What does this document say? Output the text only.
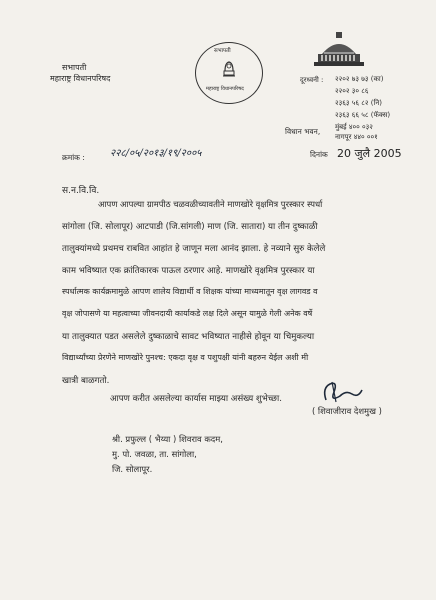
सभापती
महाराष्ट्र विधानपरिषद
सभापती
महाराष्ट्र विधानपरिषद
दूरध्वनी : २२०२ ७३ ७३ (का)
२२०२ ३० ८६
२३६३ ५६ ८२ (नि)
२३६३ ६६ ५८ (फॅक्स)
मुंबई ४०० ०३२
विधान भवन,
नागपूर ४४० ००१
दिनांक 20 जुलै 2005
क्रमांक :	२२८/०५/२०१३/१९/२००५
स.न.वि.वि.
आपण आपल्या ग्रामपीठ चळवळीच्यावतीने माणखोरे वृक्षमित्र पुरस्कार स्पर्धा
सांगोला (जि. सोलापूर) आटपाडी (जि.सांगली) माण (जि. सातारा) या तीन दुष्काळी
तालुक्यांमध्ये प्रथमच राबवित आहांत हे जाणून मला आनंद झाला. हे नव्याने सुरु केलेले
काम भविष्यात एक क्रांतिकारक पाऊल ठरणार आहे. माणखोरे वृक्षमित्र पुरस्कार या
स्पर्धात्मक कार्यक्रमामुळे आपण शालेय विद्यार्थी व शिक्षक यांच्या माध्यमातून वृक्ष लागवड व
वृक्ष जोपासणे या महत्वाच्या जीवनदायी कार्याकडे लक्ष दिले असून यामुळे गेली अनेक वर्षे
या तालुक्यात पडत असलेले दुष्काळाचे सावट भविष्यात नाहीसे होवून या चिमुकल्या
विद्यार्थ्यांच्या प्रेरणेने माणखोरे पुनश्च: एकदा वृक्ष व पशुपक्षी यांनी बहरुन येईल अशी मी
खात्री बाळगतो.
आपण करीत असलेल्या कार्यास माझ्या असंख्य शुभेच्छा.
( शिवाजीराव देशमुख )
श्री. प्रफुल्ल ( भैय्या ) शिवराव कदम,
मु. पो. जवळा, ता. सांगोला,
जि. सोलापूर.
